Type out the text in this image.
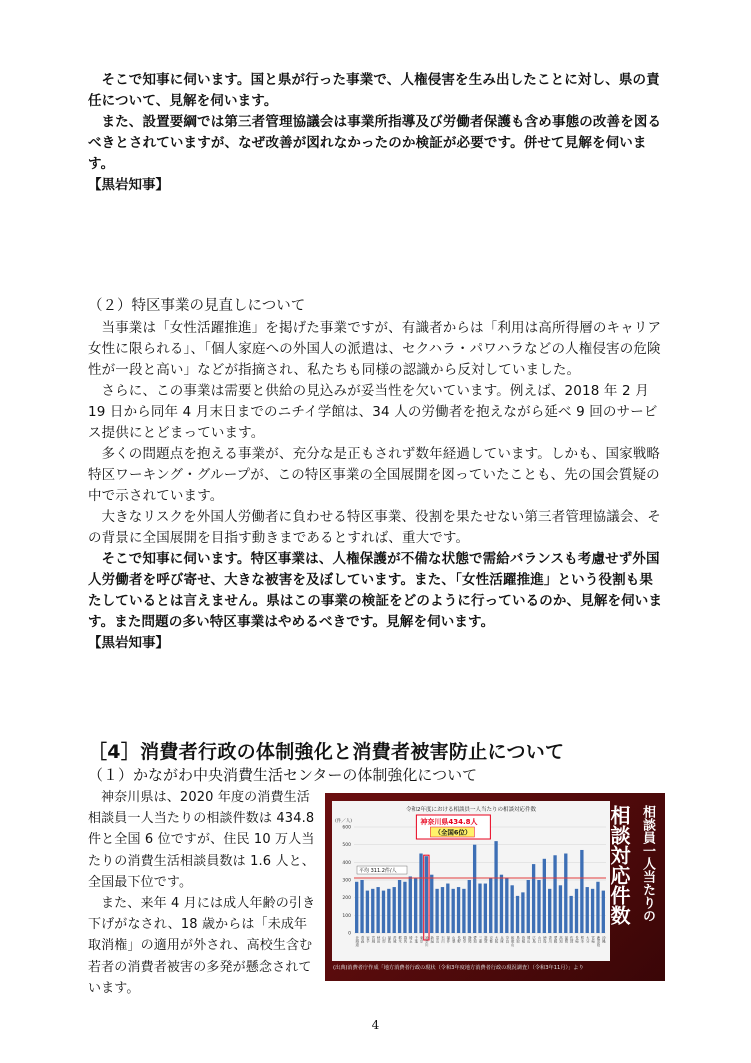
そこで知事に伺います。国と県が行った事業で、人権侵害を生み出したことに対し、県の責任について、見解を伺います。

また、設置要綱では第三者管理協議会は事業所指導及び労働者保護も含め事態の改善を図るべきとされていますが、なぜ改善が図れなかったのか検証が必要です。併せて見解を伺います。

【黒岩知事】
（２）特区事業の見直しについて

当事業は「女性活躍推進」を掲げた事業ですが、有識者からは「利用は高所得層のキャリア女性に限られる」、「個人家庭への外国人の派遣は、セクハラ・パワハラなどの人権侵害の危険性が一段と高い」などが指摘され、私たちも同様の認識から反対していました。

さらに、この事業は需要と供給の見込みが妥当性を欠いています。例えば、2018 年 2 月 19 日から同年 4 月末日までのニチイ学館は、34 人の労働者を抱えながら延べ 9 回のサービス提供にとどまっています。

多くの問題点を抱える事業が、充分な是正もされず数年経過しています。しかも、国家戦略特区ワーキング・グループが、この特区事業の全国展開を図っていたことも、先の国会質疑の中で示されています。

大きなリスクを外国人労働者に負わせる特区事業、役割を果たせない第三者管理協議会、その背景に全国展開を目指す動きまであるとすれば、重大です。

そこで知事に伺います。特区事業は、人権保護が不備な状態で需給バランスも考慮せず外国人労働者を呼び寄せ、大きな被害を及ぼしています。また、「女性活躍推進」という役割も果たしているとは言えません。県はこの事業の検証をどのように行っているのか、見解を伺います。また問題の多い特区事業はやめるべきです。見解を伺います。

【黒岩知事】
［4］消費者行政の体制強化と消費者被害防止について
（１）かながわ中央消費生活センターの体制強化について

神奈川県は、2020 年度の消費生活相談員一人当たりの相談件数は 434.8 件と全国 6 位ですが、住民 10 万人当たりの消費生活相談員数は 1.6 人と、全国最下位です。

また、来年 4 月には成人年齢の引き下げがなされ、18 歳からは「未成年取消権」の適用が外され、高校生含む若者の消費者被害の多発が懸念されています。

令和2年度における相談員一人当たりの相談対応件数
(件／人)
0
100
200
300
400
500
600
北海道 青森 岩手 宮城 秋田 山形 福島 茨城 栃木 群馬 埼玉 千葉 東京 神奈川 新潟 富山 石川 福井 山梨 長野 岐阜 静岡 愛知 三重 滋賀 京都 大阪 兵庫 奈良 和歌山 鳥取 島根 岡山 広島 山口 徳島 香川 愛媛 高知 福岡 佐賀 長崎 熊本 大分 宮崎 鹿児島 沖縄
平均 311.2件/人
神奈川県434.8人
（全国6位）	相談員一人当たりの
相談対応件数
(出典)消費者庁作成「地方消費者行政の現状（令和3年度地方消費者行政の現況調査）（令和3年11月）」より
4
